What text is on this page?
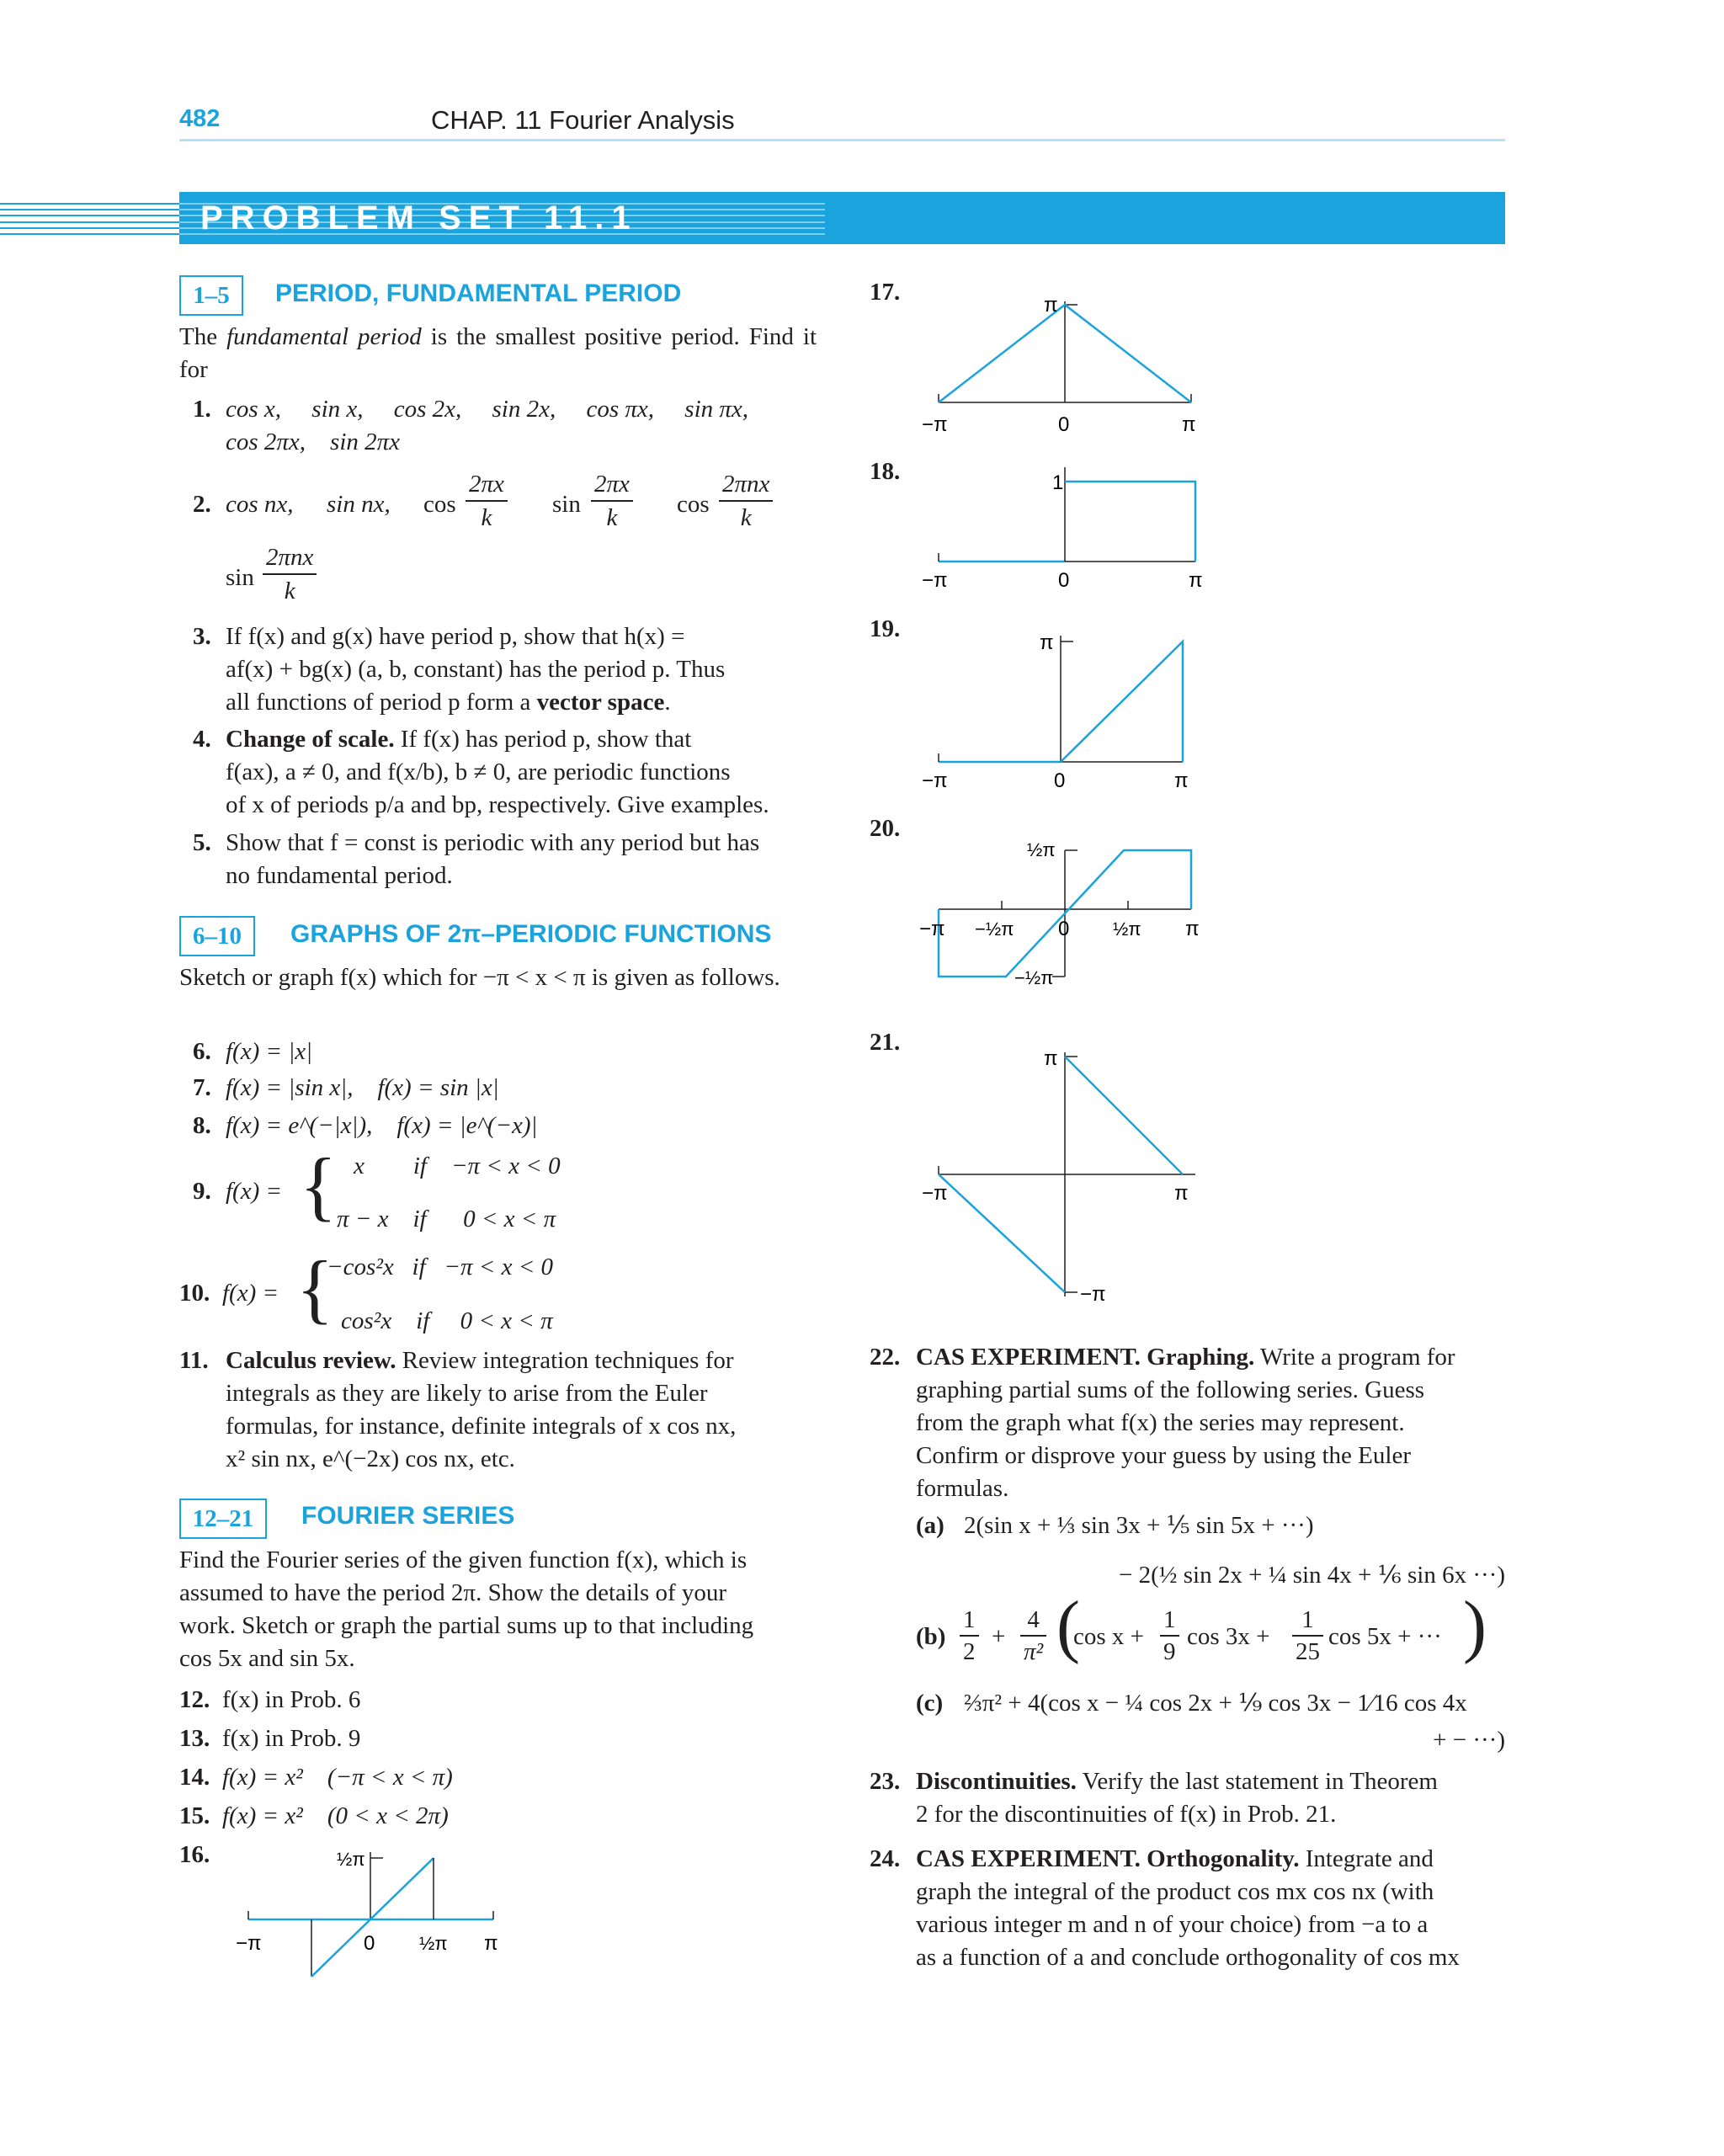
482	CHAP. 11 Fourier Analysis
PROBLEM SET 11.1
1–5	PERIOD, FUNDAMENTAL PERIOD
The fundamental period is the smallest positive period. Find it for
1. cos x,     sin x,     cos 2x,     sin 2x,     cos πx,     sin πx,
cos 2πx,    sin 2πx
2. cos nx, sin nx, $\cos \frac{2\pi x}{k}$ $\sin \frac{2\pi x}{k}$ cos
2πnx
k
sin
2πnx
k
3. If f(x) and g(x) have period p, show that h(x) =
af(x) + bg(x) (a, b, constant) has the period p. Thus
all functions of period p form a vector space.
4. Change of scale. If f(x) has period p, show that
f(ax), a ≠ 0, and f(x/b), b ≠ 0, are periodic functions
of x of periods p/a and bp, respectively. Give examples.
5. Show that f = const is periodic with any period but has
no fundamental period.
6–10	GRAPHS OF 2π–PERIODIC FUNCTIONS
Sketch or graph f(x) which for −π < x < π is given as follows.
6. f(x) = |x|
7. f(x) = |sin x|,    f(x) = sin |x|
8. f(x) = e^(−|x|),    f(x) = |e^(−x)|
9. f(x) = { x        if    −π < x < 0
π − x    if      0 < x < π
10. f(x) = {
−cos²x   if   −π < x < 0
cos²x    if     0 < x < π
11. Calculus review. Review integration techniques for
integrals as they are likely to arise from the Euler
formulas, for instance, definite integrals of x cos nx,
x² sin nx, e^(−2x) cos nx, etc.
12–21	FOURIER SERIES
Find the Fourier series of the given function f(x), which is
assumed to have the period 2π. Show the details of your
work. Sketch or graph the partial sums up to that including
cos 5x and sin 5x.
12. f(x) in Prob. 6
13. f(x) in Prob. 9
14. f(x) = x²    (−π < x < π)
15. f(x) = x²    (0 < x < 2π)
16.
−π	0 ½π π
½π
17.	π
−π	0	π
18.	1
−π	0	π
19.
π
−π	0	π
20.
½π
−π −½π 0 ½π π
−½π
21.
π
−π	π
−π
22. CAS EXPERIMENT. Graphing. Write a program for
graphing partial sums of the following series. Guess
from the graph what f(x) the series may represent.
Confirm or disprove your guess by using the Euler
formulas.
(a) 2(sin x + ⅓ sin 3x + ⅕ sin 5x + ···)
− 2(½ sin 2x + ¼ sin 4x + ⅙ sin 6x ···)
$(b) \frac{1}{2} + \frac{4}{\text{π²}}$ (
$\cos x + \frac{1}{9}$ $\cos 3x + \frac{1}{25}$ cos 5x + ··· )
(c) ⅔π² + 4(cos x − ¼ cos 2x + ⅑ cos 3x − 1⁄16 cos 4x
+ − ···)
23. Discontinuities. Verify the last statement in Theorem
2 for the discontinuities of f(x) in Prob. 21.
24. CAS EXPERIMENT. Orthogonality. Integrate and
graph the integral of the product cos mx cos nx (with
various integer m and n of your choice) from −a to a
as a function of a and conclude orthogonality of cos mx
